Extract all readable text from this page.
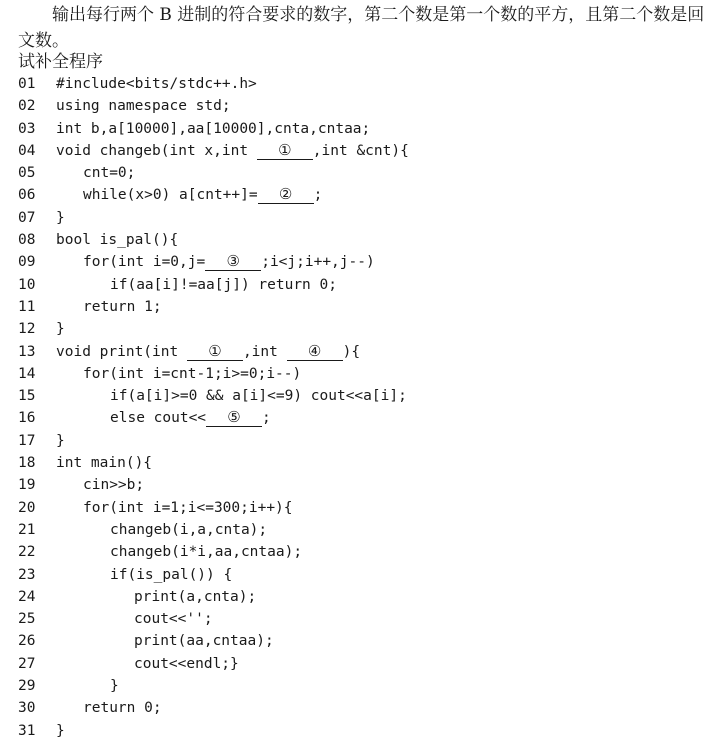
输出每行两个 B 进制的符合要求的数字，第二个数是第一个数的平方，且第二个数是回文数。

试补全程序

01	#include<bits/stdc++.h>
02	using namespace std;
03	int b,a[10000],aa[10000],cnta,cntaa;
04	void changeb(int x,int ① ,int &cnt){
05	cnt=0;
06	while(x>0) a[cnt++]= ② ;
07	}
08	bool is_pal(){
09	for(int i=0,j= ③ ;i<j;i++,j--)
10	if(aa[i]!=aa[j]) return 0;
11	return 1;
12	}
13	void print(int ① ,int ④ ){
14	for(int i=cnt-1;i>=0;i--)
15	if(a[i]>=0 && a[i]<=9) cout<<a[i];
16	else cout<< ⑤ ;
17	}
18	int main(){
19	cin>>b;
20	for(int i=1;i<=300;i++){
21	changeb(i,a,cnta);
22	changeb(i*i,aa,cntaa);
23	if(is_pal()) {
24	print(a,cnta);
25	cout<<'';
26	print(aa,cntaa);
27	cout<<endl;}
29	}
30	return 0;
31	}
